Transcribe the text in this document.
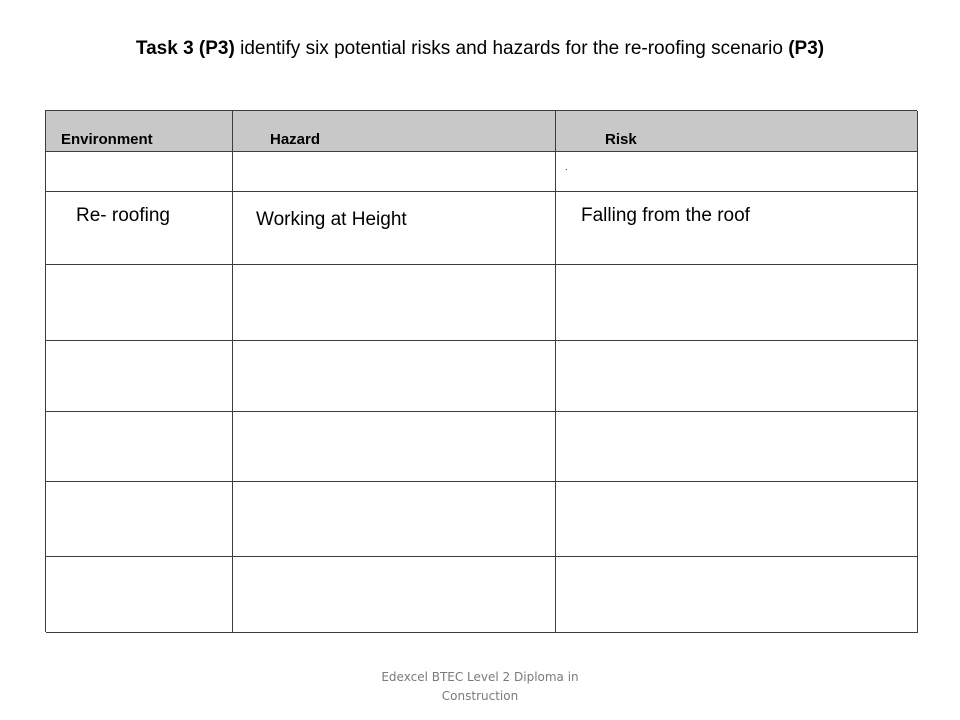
Task 3 (P3) identify six potential risks and hazards for the re-roofing scenario (P3)
Environment	Hazard	Risk
.
Re- roofing	Working at Height	Falling from the roof
Edexcel BTEC Level 2 Diploma in
Construction
